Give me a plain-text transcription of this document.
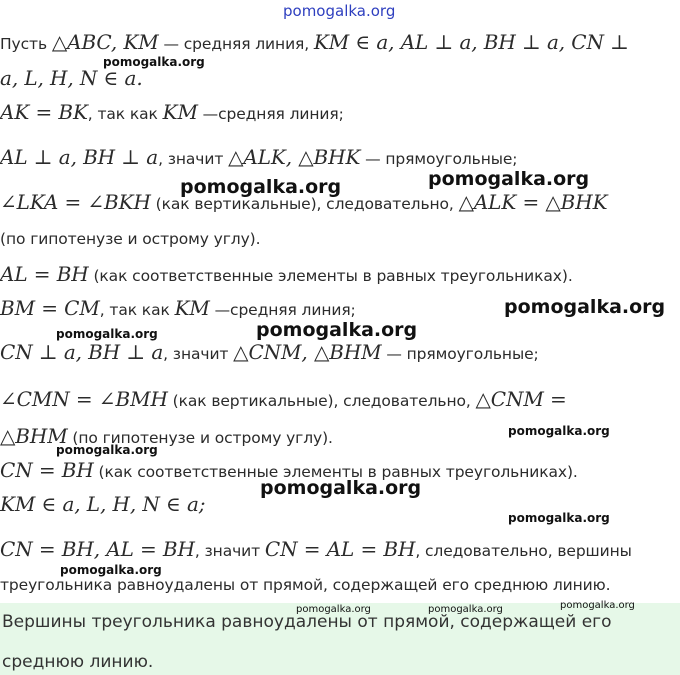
Пусть △ABC, KM — средняя линия, KM ∈ a, AL ⊥ a, BH ⊥ a, CN ⊥
a, L, H, N ∈ a.
AK = BK, так как KM —средняя линия;
AL ⊥ a, BH ⊥ a, значит △ALK, △BHK — прямоугольные;
∠LKA = ∠BKH (как вертикальные), следовательно, △ALK = △BHK
(по гипотенузе и острому углу).
AL = BH (как соответственные элементы в равных треугольниках).
BM = CM, так как KM —средняя линия;
CN ⊥ a, BH ⊥ a, значит △CNM, △BHM — прямоугольные;
∠CMN = ∠BMH (как вертикальные), следовательно, △CNM =
△BHM (по гипотенузе и острому углу).
CN = BH (как соответственные элементы в равных треугольниках).
KM ∈ a, L, H, N ∈ a;
CN = BH, AL = BH, значит CN = AL = BH, следовательно, вершины
треугольника равноудалены от прямой, содержащей его среднюю линию.
Вершины треугольника равноудалены от прямой, содержащей его
среднюю линию.
pomogalka.org
pomogalka.org
pomogalka.org	pomogalka.org
pomogalka.org
pomogalka.org	pomogalka.org
pomogalka.org
pomogalka.org
pomogalka.org
pomogalka.org
pomogalka.org
pomogalka.org	pomogalka.org	pomogalka.org
